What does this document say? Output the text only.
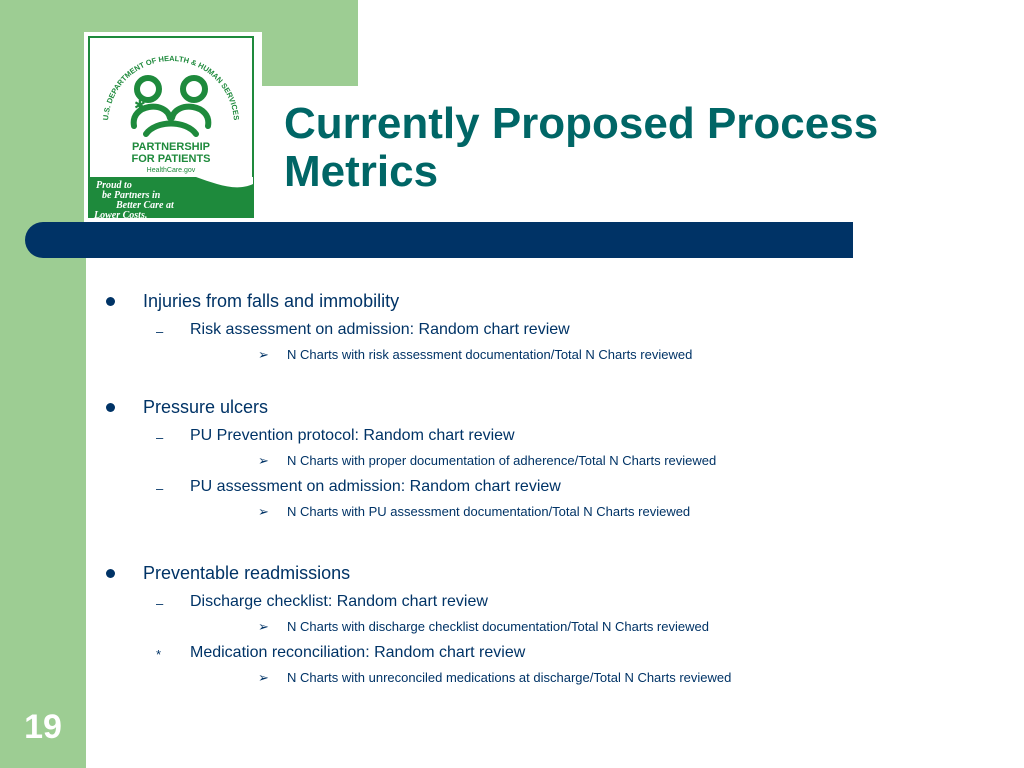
19
U.S. DEPARTMENT OF HEALTH & HUMAN SERVICES
✱
PARTNERSHIP
FOR PATIENTS
HealthCare.gov
Proud to
be Partners in
Better Care at
Lower Costs.
Currently Proposed Process
Metrics
Injuries from falls and immobility
– Risk assessment on admission: Random chart review
➢ N Charts with risk assessment documentation/Total N Charts reviewed
Pressure ulcers
– PU Prevention protocol: Random chart review
➢ N Charts with proper documentation of adherence/Total N Charts reviewed
– PU assessment on admission: Random chart review
➢ N Charts with PU assessment documentation/Total N Charts reviewed
Preventable readmissions
– Discharge checklist: Random chart review
➢ N Charts with discharge checklist documentation/Total N Charts reviewed
* Medication reconciliation: Random chart review
➢ N Charts with unreconciled medications at discharge/Total N Charts reviewed
